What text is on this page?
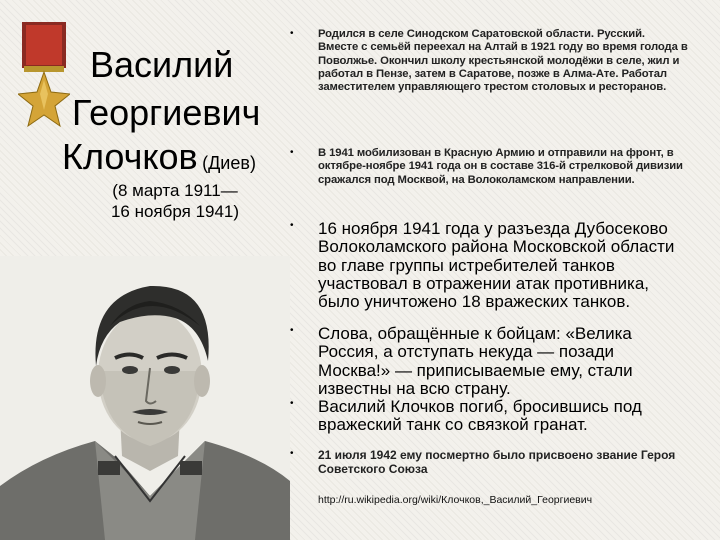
Василий
Георгиевич
Клочков (Диев)
(8 марта 1911—
16 ноября 1941)
•	Родился в селе Синодском Саратовской области. Русский. Вместе с семьёй переехал на Алтай в 1921 году во время голода в Поволжье. Окончил школу крестьянской молодёжи в селе, жил и работал в Пензе, затем в Саратове, позже в Алма-Ате. Работал заместителем управляющего трестом столовых и ресторанов.
•	В 1941 мобилизован в Красную Армию и отправили на фронт, в октябре-ноябре 1941 года он в составе 316-й стрелковой дивизии сражался под Москвой, на Волоколамском направлении.
•	16 ноября 1941 года у разъезда Дубосеково Волоколамского района Московской области во главе группы истребителей танков участвовал в отражении атак противника, было уничтожено 18 вражеских танков.
•	Слова, обращённые к бойцам: «Велика Россия, а отступать некуда — позади Москва!» — приписываемые ему, стали известны на всю страну.
•	Василий Клочков погиб, бросившись под вражеский танк со связкой гранат.
•	21 июля 1942 ему посмертно было присвоено звание Героя Советского Союза
http://ru.wikipedia.org/wiki/Клочков,_Василий_Георгиевич
